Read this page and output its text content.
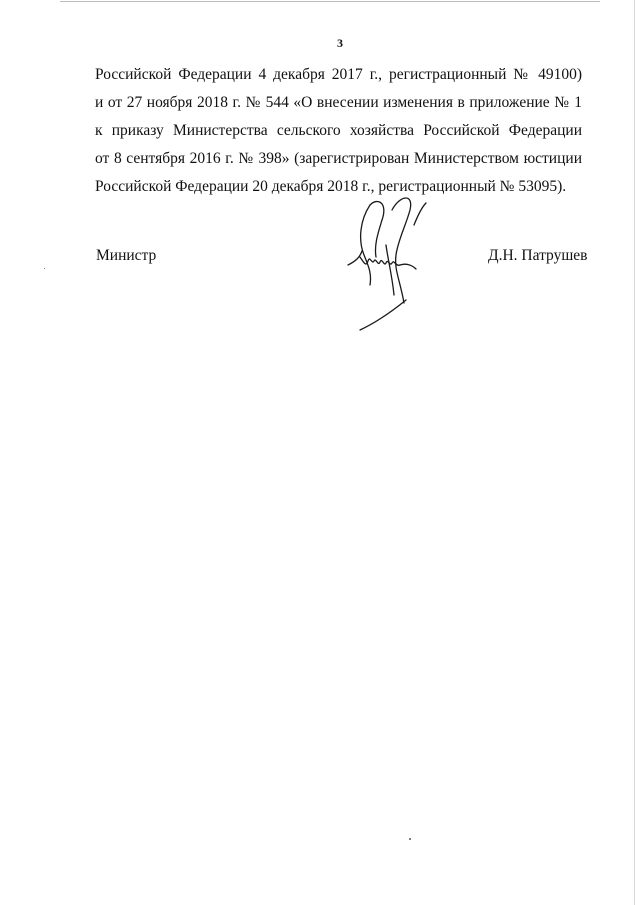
3

Российской Федерации 4 декабря 2017 г., регистрационный № 49100)
и от 27 ноября 2018 г. № 544 «О внесении изменения в приложение № 1
к приказу Министерства сельского хозяйства Российской Федерации
от 8 сентября 2016 г. № 398» (зарегистрирован Министерством юстиции
Российской Федерации 20 декабря 2018 г., регистрационный № 53095).

Министр	Д.Н. Патрушев
